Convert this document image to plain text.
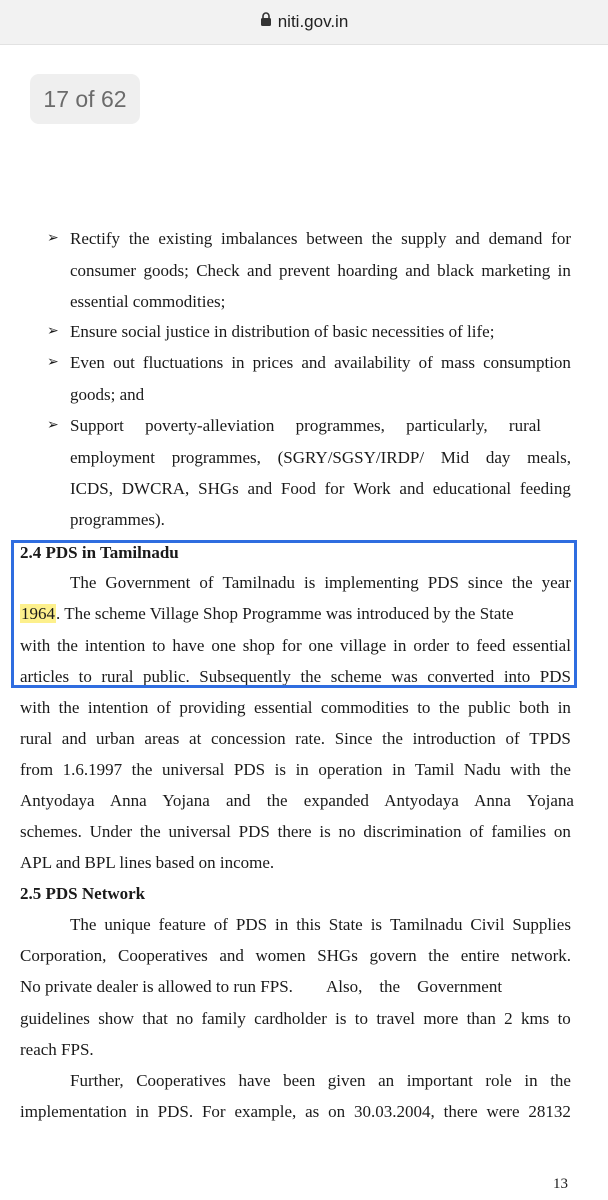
niti.gov.in
17 of 62
➢ Rectify the existing imbalances between the supply and demand for
consumer goods; Check and prevent hoarding and black marketing in
essential commodities;
➢ Ensure social justice in distribution of basic necessities of life;
➢ Even out fluctuations in prices and availability of mass consumption
goods; and
➢ Support poverty-alleviation programmes, particularly, rural
employment programmes, (SGRY/SGSY/IRDP/ Mid day meals,
ICDS, DWCRA, SHGs and Food for Work and educational feeding
programmes).
2.4 PDS in Tamilnadu
The Government of Tamilnadu is implementing PDS since the year
1964. The scheme Village Shop Programme was introduced by the State
with the intention to have one shop for one village in order to feed essential
articles to rural public. Subsequently the scheme was converted into PDS
with the intention of providing essential commodities to the public both in
rural and urban areas at concession rate. Since the introduction of TPDS
from 1.6.1997 the universal PDS is in operation in Tamil Nadu with the
Antyodaya Anna Yojana and the expanded Antyodaya Anna Yojana
schemes. Under the universal PDS there is no discrimination of families on
APL and BPL lines based on income.
2.5 PDS Network
The unique feature of PDS in this State is Tamilnadu Civil Supplies
Corporation, Cooperatives and women SHGs govern the entire network.
No private dealer is allowed to run FPS.        Also,    the    Government
guidelines show that no family cardholder is to travel more than 2 kms to
reach FPS.
Further, Cooperatives have been given an important role in the
implementation in PDS. For example, as on 30.03.2004, there were 28132
13
